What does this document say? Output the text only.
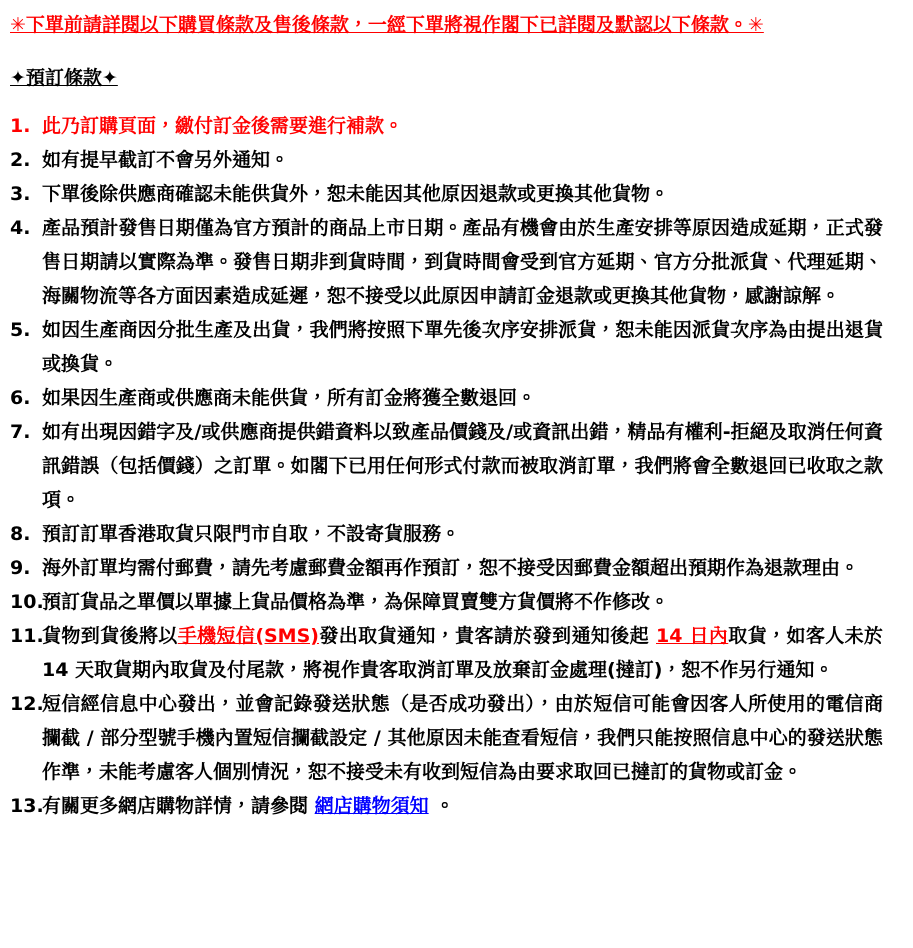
✳下單前請詳閱以下購買條款及售後條款，一經下單將視作閣下已詳閱及默認以下條款。✳
✦預訂條款✦
1. 此乃訂購頁面，繳付訂金後需要進行補款。
2. 如有提早截訂不會另外通知。
3. 下單後除供應商確認未能供貨外，恕未能因其他原因退款或更換其他貨物。
4. 產品預計發售日期僅為官方預計的商品上市日期。產品有機會由於生產安排等原因造成延期，正式發售日期請以實際為準。發售日期非到貨時間，到貨時間會受到官方延期、官方分批派貨、代理延期、海關物流等各方面因素造成延遲，恕不接受以此原因申請訂金退款或更換其他貨物，感謝諒解。
5. 如因生產商因分批生產及出貨，我們將按照下單先後次序安排派貨，恕未能因派貨次序為由提出退貨或換貨。
6. 如果因生產商或供應商未能供貨，所有訂金將獲全數退回。
7. 如有出現因錯字及/或供應商提供錯資料以致產品價錢及/或資訊出錯，精品有權利-拒絕及取消任何資訊錯誤（包括價錢）之訂單。如閣下已用任何形式付款而被取消訂單，我們將會全數退回已收取之款項。
8. 預訂訂單香港取貨只限門市自取，不設寄貨服務。
9. 海外訂單均需付郵費，請先考慮郵費金額再作預訂，恕不接受因郵費金額超出預期作為退款理由。
10.
預訂貨品之單價以單據上貨品價格為準，為保障買賣雙方貨價將不作修改。
11.
貨物到貨後將以手機短信(SMS)發出取貨通知，貴客請於發到通知後起 14 日內取貨，如客人未於 14 天取貨期內取貨及付尾款，將視作貴客取消訂單及放棄訂金處理(撻訂)，恕不作另行通知。
12.
短信經信息中心發出，並會記錄發送狀態（是否成功發出），由於短信可能會因客人所使用的電信商攔截 / 部分型號手機內置短信攔截設定 / 其他原因未能查看短信，我們只能按照信息中心的發送狀態作準，未能考慮客人個別情況，恕不接受未有收到短信為由要求取回已撻訂的貨物或訂金。
13.
有關更多網店購物詳情，請參閱 網店購物須知 。
